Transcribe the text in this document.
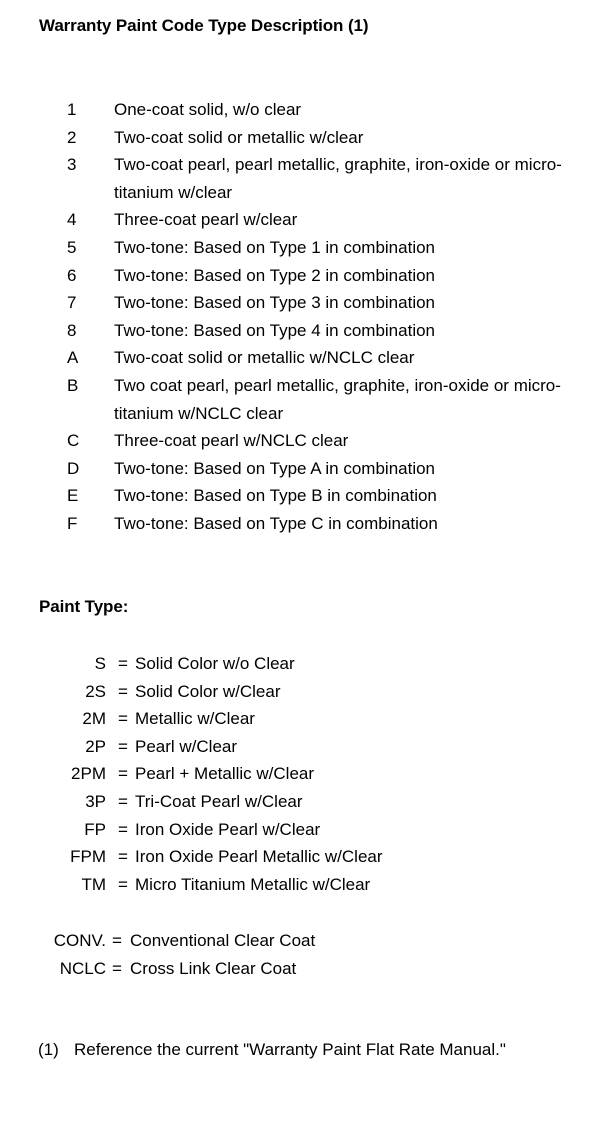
Warranty Paint Code Type Description (1)
1	One-coat solid, w/o clear
2	Two-coat solid or metallic w/clear
3	Two-coat pearl, pearl metallic, graphite, iron-oxide or micro-titanium w/clear
4	Three-coat pearl w/clear
5	Two-tone: Based on Type 1 in combination
6	Two-tone: Based on Type 2 in combination
7	Two-tone: Based on Type 3 in combination
8	Two-tone: Based on Type 4 in combination
A	Two-coat solid or metallic w/NCLC clear
B	Two coat pearl, pearl metallic, graphite, iron-oxide or micro-titanium w/NCLC clear
C	Three-coat pearl w/NCLC clear
D	Two-tone: Based on Type A in combination
E	Two-tone: Based on Type B in combination
F	Two-tone: Based on Type C in combination
Paint Type:
S = Solid Color w/o Clear
2S = Solid Color w/Clear
2M = Metallic w/Clear
2P = Pearl w/Clear
2PM = Pearl + Metallic w/Clear
3P = Tri-Coat Pearl w/Clear
FP = Iron Oxide Pearl w/Clear
FPM = Iron Oxide Pearl Metallic w/Clear
TM = Micro Titanium Metallic w/Clear
CONV. = Conventional Clear Coat
NCLC = Cross Link Clear Coat
(1) Reference the current "Warranty Paint Flat Rate Manual."
